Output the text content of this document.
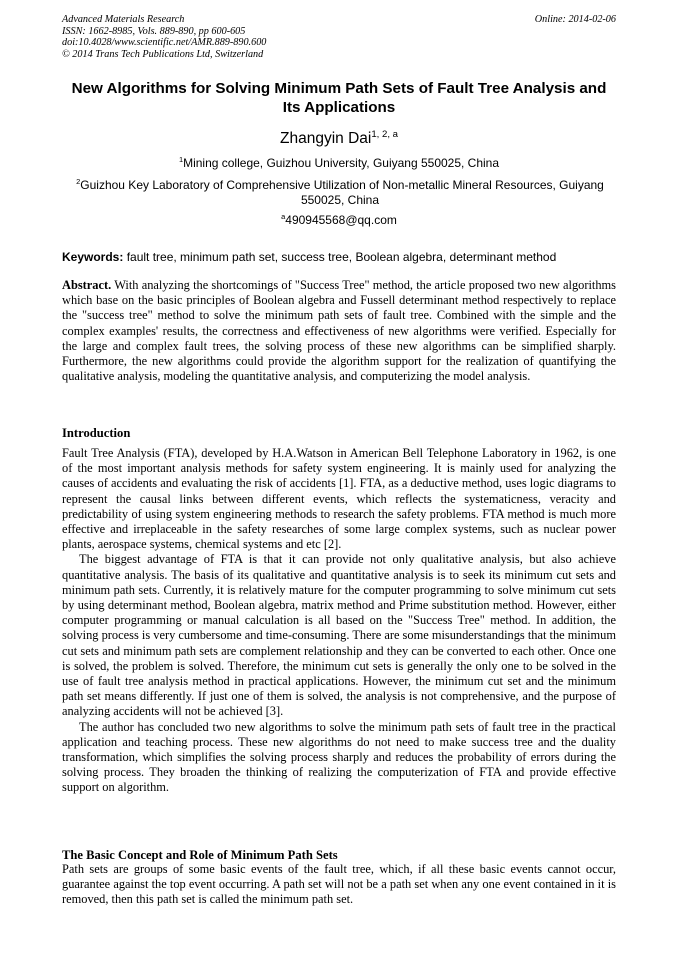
Advanced Materials Research
ISSN: 1662-8985, Vols. 889-890, pp 600-605
doi:10.4028/www.scientific.net/AMR.889-890.600
© 2014 Trans Tech Publications Ltd, Switzerland
Online: 2014-02-06
New Algorithms for Solving Minimum Path Sets of Fault Tree Analysis and Its Applications
Zhangyin Dai$^{1, 2, a}$
$^1$Mining college, Guizhou University, Guiyang 550025, China
$^2$Guizhou Key Laboratory of Comprehensive Utilization of Non-metallic Mineral Resources, Guiyang 550025, China
$^a$490945568@qq.com
Keywords: fault tree, minimum path set, success tree, Boolean algebra, determinant method
Abstract. With analyzing the shortcomings of "Success Tree" method, the article proposed two new algorithms which base on the basic principles of Boolean algebra and Fussell determinant method respectively to replace the "success tree" method to solve the minimum path sets of fault tree. Combined with the simple and the complex examples' results, the correctness and effectiveness of new algorithms were verified. Especially for the large and complex fault trees, the solving process of these new algorithms can be simplified sharply. Furthermore, the new algorithms could provide the algorithm support for the realization of quantifying the qualitative analysis, modeling the quantitative analysis, and computerizing the model analysis.
Introduction
Fault Tree Analysis (FTA), developed by H.A.Watson in American Bell Telephone Laboratory in 1962, is one of the most important analysis methods for safety system engineering. It is mainly used for analyzing the causes of accidents and evaluating the risk of accidents [1]. FTA, as a deductive method, uses logic diagrams to represent the causal links between different events, which reflects the systematicness, veracity and predictability of using system engineering methods to research the safety problems. FTA method is much more effective and irreplaceable in the safety researches of some large complex systems, such as nuclear power plants, aerospace systems, chemical systems and etc [2].
The biggest advantage of FTA is that it can provide not only qualitative analysis, but also achieve quantitative analysis. The basis of its qualitative and quantitative analysis is to seek its minimum cut sets and minimum path sets. Currently, it is relatively mature for the computer programming to solve minimum cut sets by using determinant method, Boolean algebra, matrix method and Prime substitution method. However, either computer programming or manual calculation is all based on the "Success Tree" method. In addition, the solving process is very cumbersome and time-consuming. There are some misunderstandings that the minimum cut sets and minimum path sets are complement relationship and they can be converted to each other. Once one is solved, the problem is solved. Therefore, the minimum cut sets is generally the only one to be solved in the use of fault tree analysis method in practical applications. However, the minimum cut set and the minimum path set means differently. If just one of them is solved, the analysis is not comprehensive, and the purpose of analyzing accidents will not be achieved [3].
The author has concluded two new algorithms to solve the minimum path sets of fault tree in the practical application and teaching process. These new algorithms do not need to make success tree and the duality transformation, which simplifies the solving process sharply and reduces the probability of errors during the solving process. They broaden the thinking of realizing the computerization of FTA and provide effective support on algorithm.
The Basic Concept and Role of Minimum Path Sets
Path sets are groups of some basic events of the fault tree, which, if all these basic events cannot occur, guarantee against the top event occurring. A path set will not be a path set when any one event contained in it is removed, then this path set is called the minimum path set.
